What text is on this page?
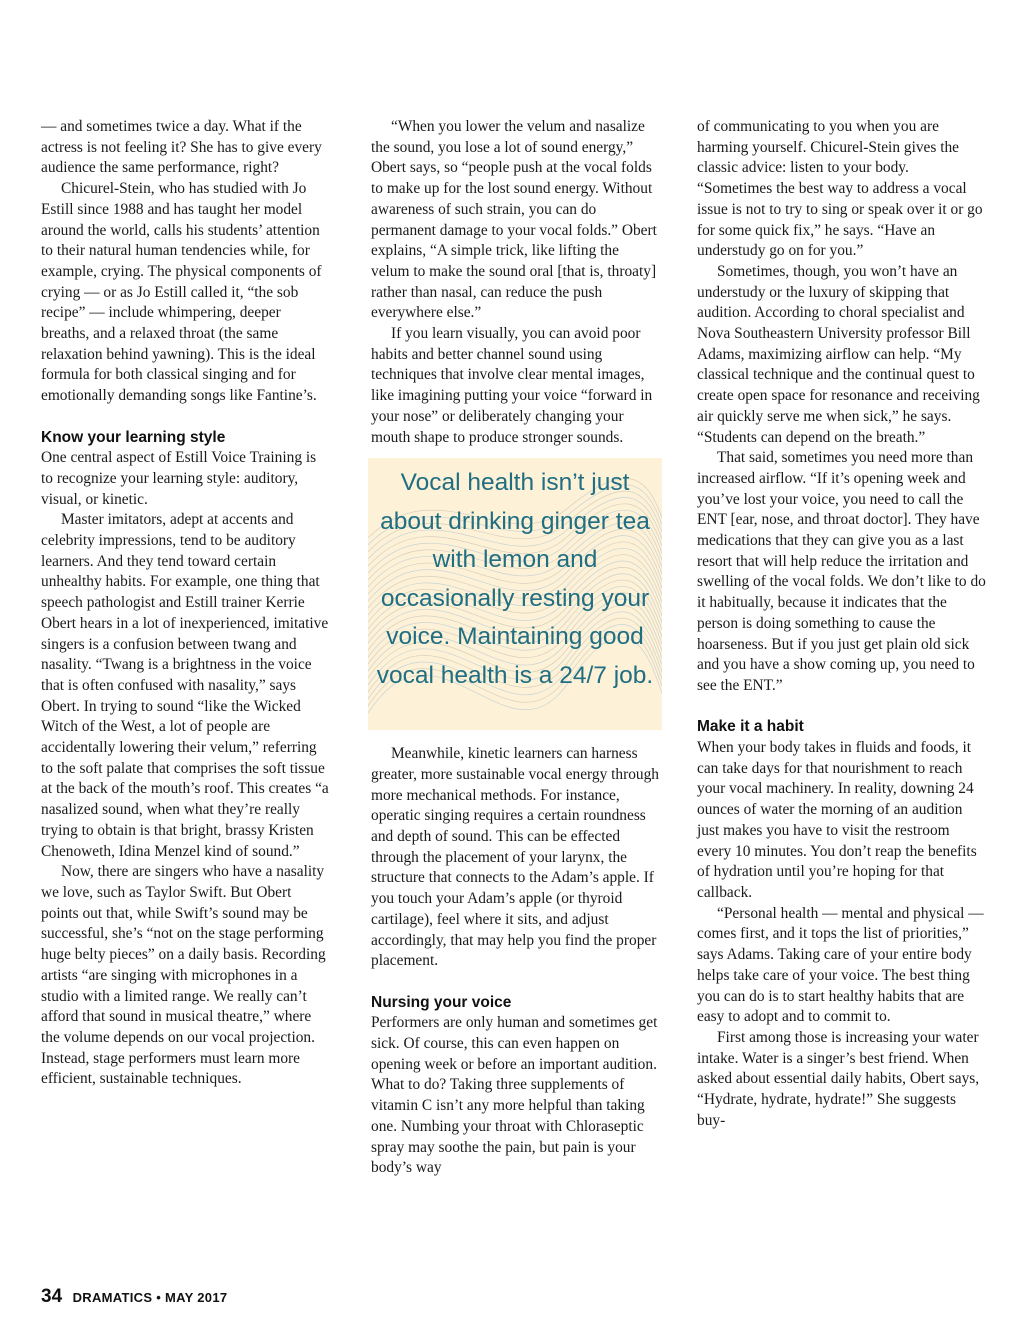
— and sometimes twice a day. What if the actress is not feeling it? She has to give every audience the same performance, right?

Chicurel-Stein, who has studied with Jo Estill since 1988 and has taught her model around the world, calls his students’ attention to their natural human tendencies while, for example, crying. The physical components of crying — or as Jo Estill called it, “the sob recipe” — include whimpering, deeper breaths, and a relaxed throat (the same relaxation behind yawning). This is the ideal formula for both classical singing and for emotionally demanding songs like Fantine’s.

Know your learning style

One central aspect of Estill Voice Training is to recognize your learning style: auditory, visual, or kinetic.

Master imitators, adept at accents and celebrity impressions, tend to be auditory learners. And they tend toward certain unhealthy habits. For example, one thing that speech pathologist and Estill trainer Kerrie Obert hears in a lot of inexperienced, imitative singers is a confusion between twang and nasality. “Twang is a brightness in the voice that is often confused with nasality,” says Obert. In trying to sound “like the Wicked Witch of the West, a lot of people are accidentally lowering their velum,” referring to the soft palate that comprises the soft tissue at the back of the mouth’s roof. This creates “a nasalized sound, when what they’re really trying to obtain is that bright, brassy Kristen Chenoweth, Idina Menzel kind of sound.”

Now, there are singers who have a nasality we love, such as Taylor Swift. But Obert points out that, while Swift’s sound may be successful, she’s “not on the stage performing huge belty pieces” on a daily basis. Recording artists “are singing with microphones in a studio with a limited range. We really can’t afford that sound in musical theatre,” where the volume depends on our vocal projection. Instead, stage performers must learn more efficient, sustainable techniques.

“When you lower the velum and nasalize the sound, you lose a lot of sound energy,” Obert says, so “people push at the vocal folds to make up for the lost sound energy. Without awareness of such strain, you can do permanent damage to your vocal folds.” Obert explains, “A simple trick, like lifting the velum to make the sound oral [that is, throaty] rather than nasal, can reduce the push everywhere else.”

If you learn visually, you can avoid poor habits and better channel sound using techniques that involve clear mental images, like imagining putting your voice “forward in your nose” or deliberately changing your mouth shape to produce stronger sounds.

Vocal health isn’t just about drinking ginger tea with lemon and occasionally resting your voice. Maintaining good vocal health is a 24/7 job.

Meanwhile, kinetic learners can harness greater, more sustainable vocal energy through more mechanical methods. For instance, operatic singing requires a certain roundness and depth of sound. This can be effected through the placement of your larynx, the structure that connects to the Adam’s apple. If you touch your Adam’s apple (or thyroid cartilage), feel where it sits, and adjust accordingly, that may help you find the proper placement.

Nursing your voice

Performers are only human and sometimes get sick. Of course, this can even happen on opening week or before an important audition. What to do? Taking three supplements of vitamin C isn’t any more helpful than taking one. Numbing your throat with Chloraseptic spray may soothe the pain, but pain is your body’s way

of communicating to you when you are harming yourself. Chicurel-Stein gives the classic advice: listen to your body. “Sometimes the best way to address a vocal issue is not to try to sing or speak over it or go for some quick fix,” he says. “Have an understudy go on for you.”

Sometimes, though, you won’t have an understudy or the luxury of skipping that audition. According to choral specialist and Nova Southeastern University professor Bill Adams, maximizing airflow can help. “My classical technique and the continual quest to create open space for resonance and receiving air quickly serve me when sick,” he says. “Students can depend on the breath.”

That said, sometimes you need more than increased airflow. “If it’s opening week and you’ve lost your voice, you need to call the ENT [ear, nose, and throat doctor]. They have medications that they can give you as a last resort that will help reduce the irritation and swelling of the vocal folds. We don’t like to do it habitually, because it indicates that the person is doing something to cause the hoarseness. But if you just get plain old sick and you have a show coming up, you need to see the ENT.”

Make it a habit

When your body takes in fluids and foods, it can take days for that nourishment to reach your vocal machinery. In reality, downing 24 ounces of water the morning of an audition just makes you have to visit the restroom every 10 minutes. You don’t reap the benefits of hydration until you’re hoping for that callback.

“Personal health — mental and physical — comes first, and it tops the list of priorities,” says Adams. Taking care of your entire body helps take care of your voice. The best thing you can do is to start healthy habits that are easy to adopt and to commit to.

First among those is increasing your water intake. Water is a singer’s best friend. When asked about essential daily habits, Obert says, “Hydrate, hydrate, hydrate!” She suggests buy-

34 DRAMATICS • MAY 2017
